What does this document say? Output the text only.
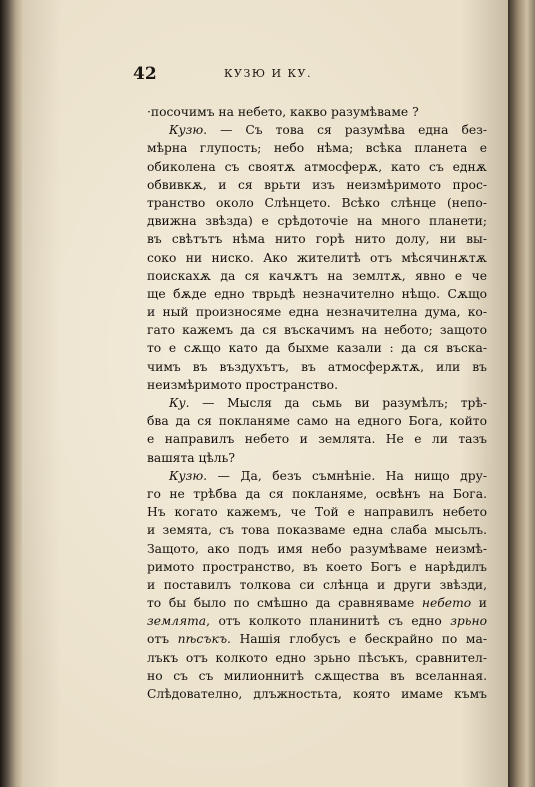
42	КУЗЮ И КУ.
·посочимъ на небето, какво разумѣваме ?
Кузю. — Съ това ся разумѣва една без-
мѣрна глупость; небо нѣма; всѣка планета е
обиколена съ своятѫ атмосферѫ, като съ еднѫ
обвивкѫ, и ся врьти изъ неизмѣримото прос-
транство около Слѣнцето. Всѣко слѣнце (непо-
движна звѣзда) е срѣдоточіе на много планети;
въ свѣтътъ нѣма нито горѣ нито долу, ни вы-
соко ни ниско. Ако жителитѣ отъ мѣсячинѫтѫ
поискахѫ да ся качѫтъ на землтѫ, явно е че
ще бѫде едно тврьдѣ незначително нѣщо. Сѫщо
и ный произносяме една незначителна дума, ко-
гато кажемъ да ся въскачимъ на небото; защото
то е сѫщо като да быхме казали : да ся въска-
чимъ въ въздухътъ, въ атмосферѫтѫ, или въ
неизмѣримото пространство.
Ку. — Мысля да сьмь ви разумѣлъ; трѣ-
бва да ся покланяме само на едного Бога, който
е направилъ небето и землята. Не е ли тазъ
вашята цѣль?
Кузю. — Да, безъ съмнѣніе. На нищо дру-
го не трѣбва да ся покланяме, освѣнъ на Бога.
Нъ когато кажемъ, че Той е направилъ небето
и земята, съ това показваме една слаба мысьлъ.
Защото, ако подъ имя небо разумѣваме неизмѣ-
римото пространство, въ което Богъ е нарѣдилъ
и поставилъ толкова си слѣнца и други звѣзди,
то бы было по смѣшно да сравняваме небето и
землята, отъ колкото планинитѣ съ едно зрьно
отъ пѣсъкъ. Нашія глобусъ е бескрайно по ма-
лъкъ отъ колкото едно зрьно пѣсъкъ, сравнител-
но съ съ милионнитѣ сѫщества въ вселанная.
Слѣдователно, длъжностьта, която имаме къмъ
